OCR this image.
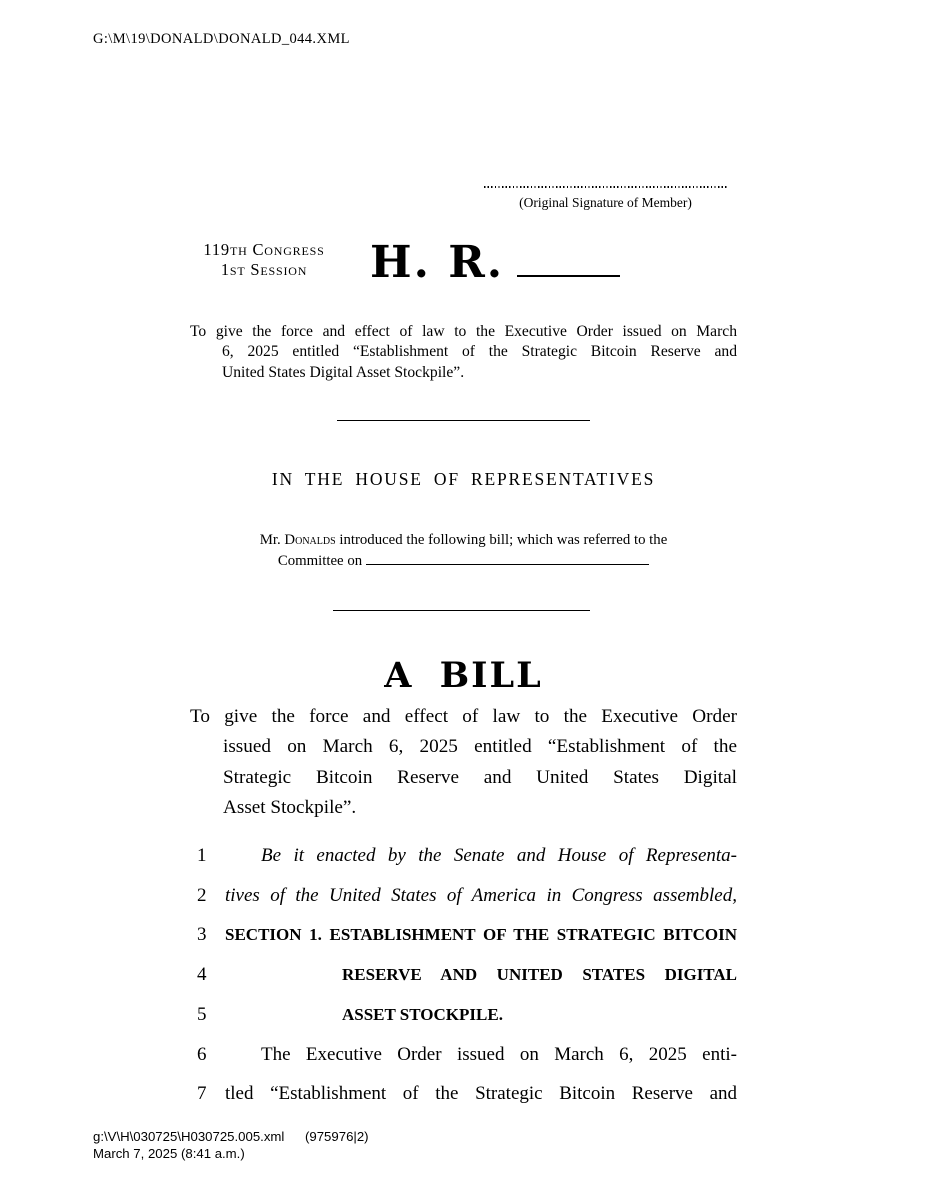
G:\M\19\DONALD\DONALD_044.XML
(Original Signature of Member)
119th Congress
1st Session	H. R.
To give the force and effect of law to the Executive Order issued on March
6, 2025 entitled “Establishment of the Strategic Bitcoin Reserve and
United States Digital Asset Stockpile”.
IN THE HOUSE OF REPRESENTATIVES
Mr. Donalds introduced the following bill; which was referred to the
Committee on
A BILL
To give the force and effect of law to the Executive Order
issued on March 6, 2025 entitled “Establishment of the
Strategic Bitcoin Reserve and United States Digital
Asset Stockpile”.
1	Be it enacted by the Senate and House of Representa-
2 tives of the United States of America in Congress assembled,
3	SECTION 1. ESTABLISHMENT OF THE STRATEGIC BITCOIN
4	RESERVE AND UNITED STATES DIGITAL
5	ASSET STOCKPILE.
6	The Executive Order issued on March 6, 2025 enti-
7 tled “Establishment of the Strategic Bitcoin Reserve and
g:\V\H\030725\H030725.005.xml (975976|2)
March 7, 2025 (8:41 a.m.)
